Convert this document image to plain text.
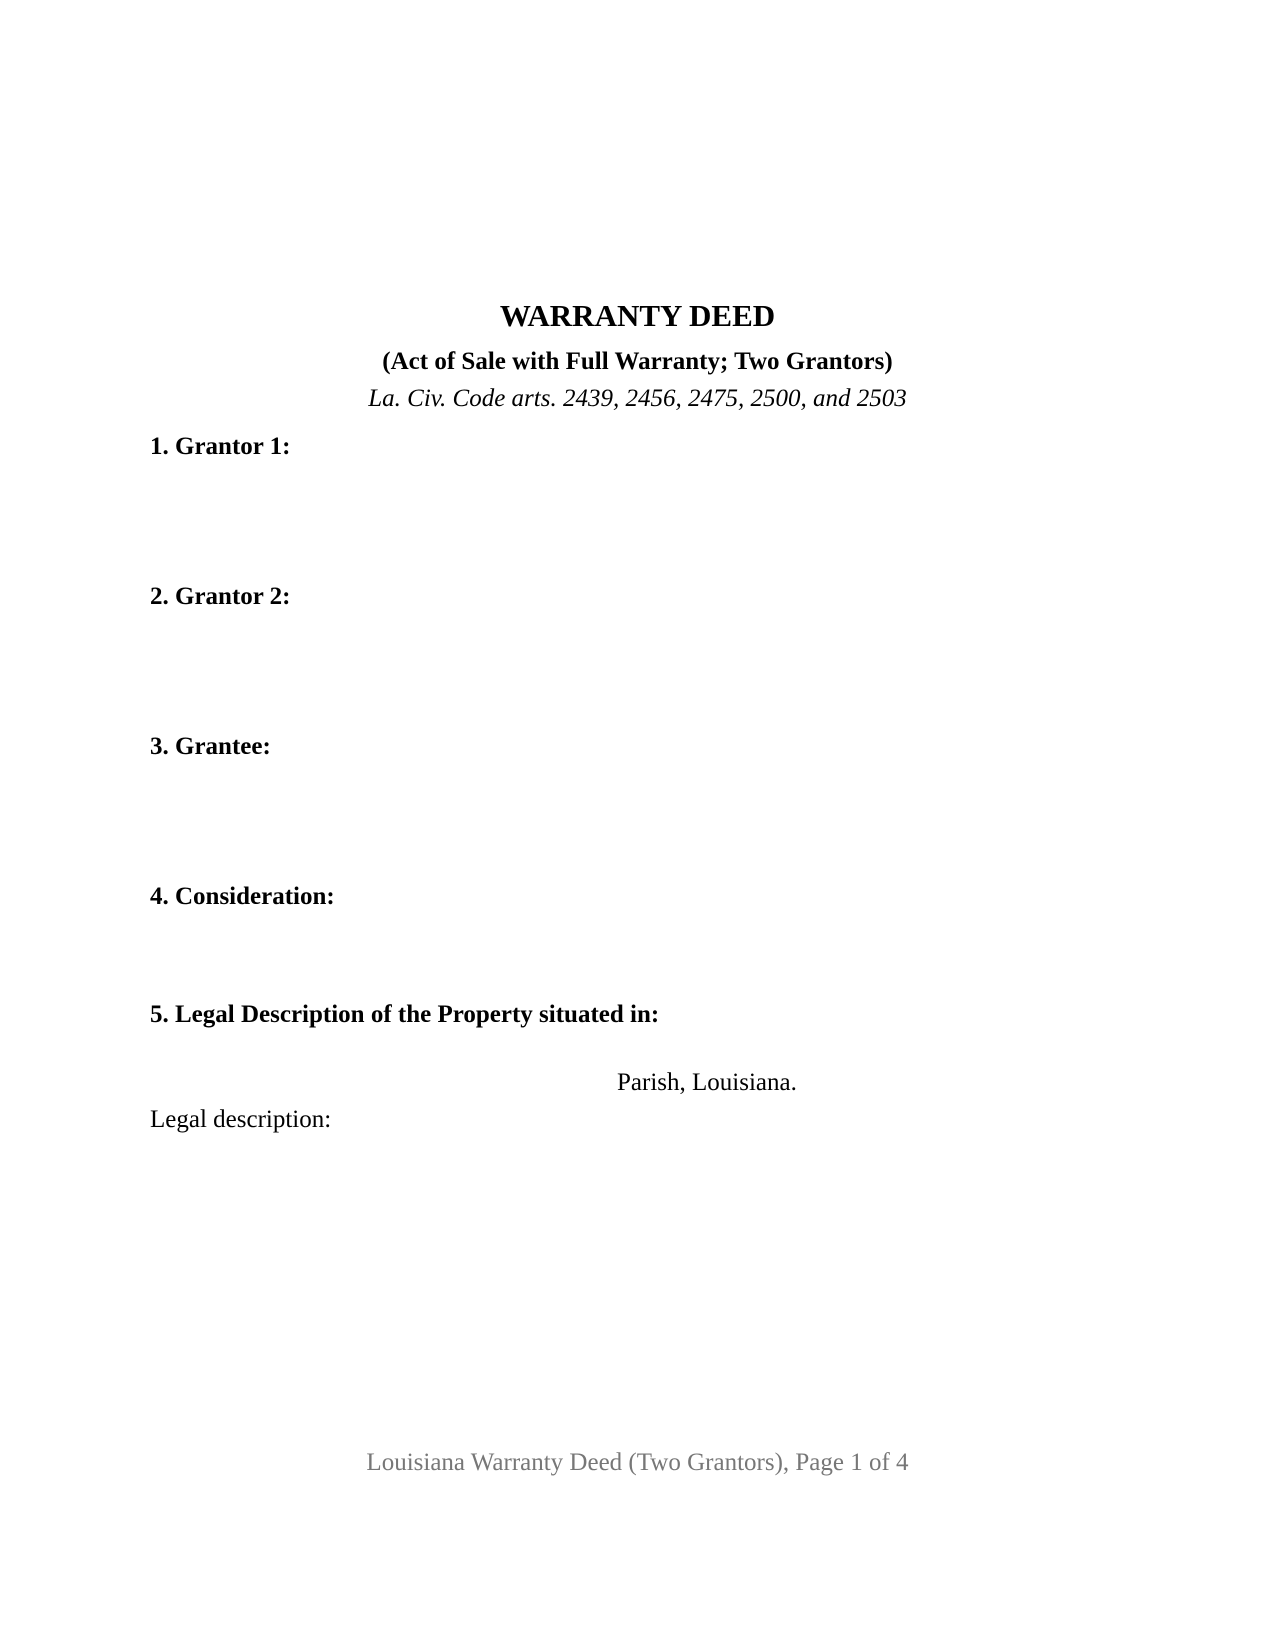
WARRANTY DEED
(Act of Sale with Full Warranty; Two Grantors)
La. Civ. Code arts. 2439, 2456, 2475, 2500, and 2503
1. Grantor 1:
2. Grantor 2:
3. Grantee:
4. Consideration:
5. Legal Description of the Property situated in:
Parish, Louisiana.
Legal description:
Louisiana Warranty Deed (Two Grantors), Page 1 of 4
